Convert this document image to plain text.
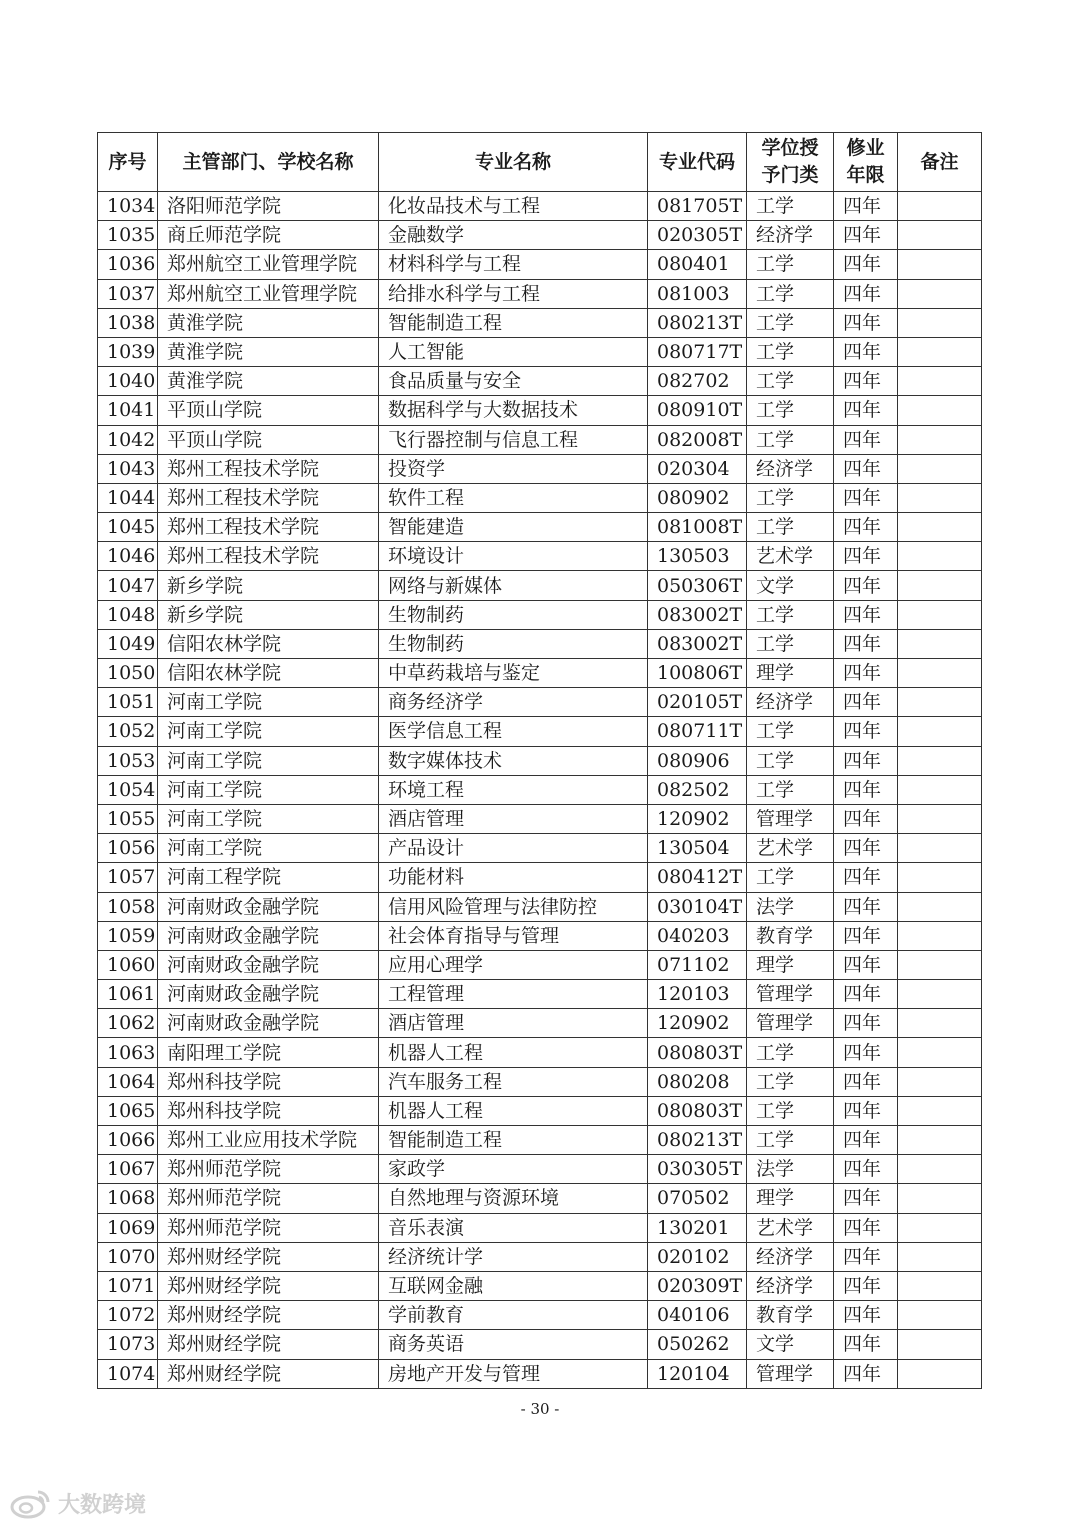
序号	主管部门、学校名称	专业名称	专业代码	学位授予门类	修业年限	备注
1034	洛阳师范学院	化妆品技术与工程	081705T	工学	四年	
1035	商丘师范学院	金融数学	020305T	经济学	四年	
1036	郑州航空工业管理学院	材料科学与工程	080401	工学	四年	
1037	郑州航空工业管理学院	给排水科学与工程	081003	工学	四年	
1038	黄淮学院	智能制造工程	080213T	工学	四年	
1039	黄淮学院	人工智能	080717T	工学	四年	
1040	黄淮学院	食品质量与安全	082702	工学	四年	
1041	平顶山学院	数据科学与大数据技术	080910T	工学	四年	
1042	平顶山学院	飞行器控制与信息工程	082008T	工学	四年	
1043	郑州工程技术学院	投资学	020304	经济学	四年	
1044	郑州工程技术学院	软件工程	080902	工学	四年	
1045	郑州工程技术学院	智能建造	081008T	工学	四年	
1046	郑州工程技术学院	环境设计	130503	艺术学	四年	
1047	新乡学院	网络与新媒体	050306T	文学	四年	
1048	新乡学院	生物制药	083002T	工学	四年	
1049	信阳农林学院	生物制药	083002T	工学	四年	
1050	信阳农林学院	中草药栽培与鉴定	100806T	理学	四年	
1051	河南工学院	商务经济学	020105T	经济学	四年	
1052	河南工学院	医学信息工程	080711T	工学	四年	
1053	河南工学院	数字媒体技术	080906	工学	四年	
1054	河南工学院	环境工程	082502	工学	四年	
1055	河南工学院	酒店管理	120902	管理学	四年	
1056	河南工学院	产品设计	130504	艺术学	四年	
1057	河南工程学院	功能材料	080412T	工学	四年	
1058	河南财政金融学院	信用风险管理与法律防控	030104T	法学	四年	
1059	河南财政金融学院	社会体育指导与管理	040203	教育学	四年	
1060	河南财政金融学院	应用心理学	071102	理学	四年	
1061	河南财政金融学院	工程管理	120103	管理学	四年	
1062	河南财政金融学院	酒店管理	120902	管理学	四年	
1063	南阳理工学院	机器人工程	080803T	工学	四年	
1064	郑州科技学院	汽车服务工程	080208	工学	四年	
1065	郑州科技学院	机器人工程	080803T	工学	四年	
1066	郑州工业应用技术学院	智能制造工程	080213T	工学	四年	
1067	郑州师范学院	家政学	030305T	法学	四年	
1068	郑州师范学院	自然地理与资源环境	070502	理学	四年	
1069	郑州师范学院	音乐表演	130201	艺术学	四年	
1070	郑州财经学院	经济统计学	020102	经济学	四年	
1071	郑州财经学院	互联网金融	020309T	经济学	四年	
1072	郑州财经学院	学前教育	040106	教育学	四年	
1073	郑州财经学院	商务英语	050262	文学	四年	
1074	郑州财经学院	房地产开发与管理	120104	管理学	四年	
- 30 -
大数跨境
